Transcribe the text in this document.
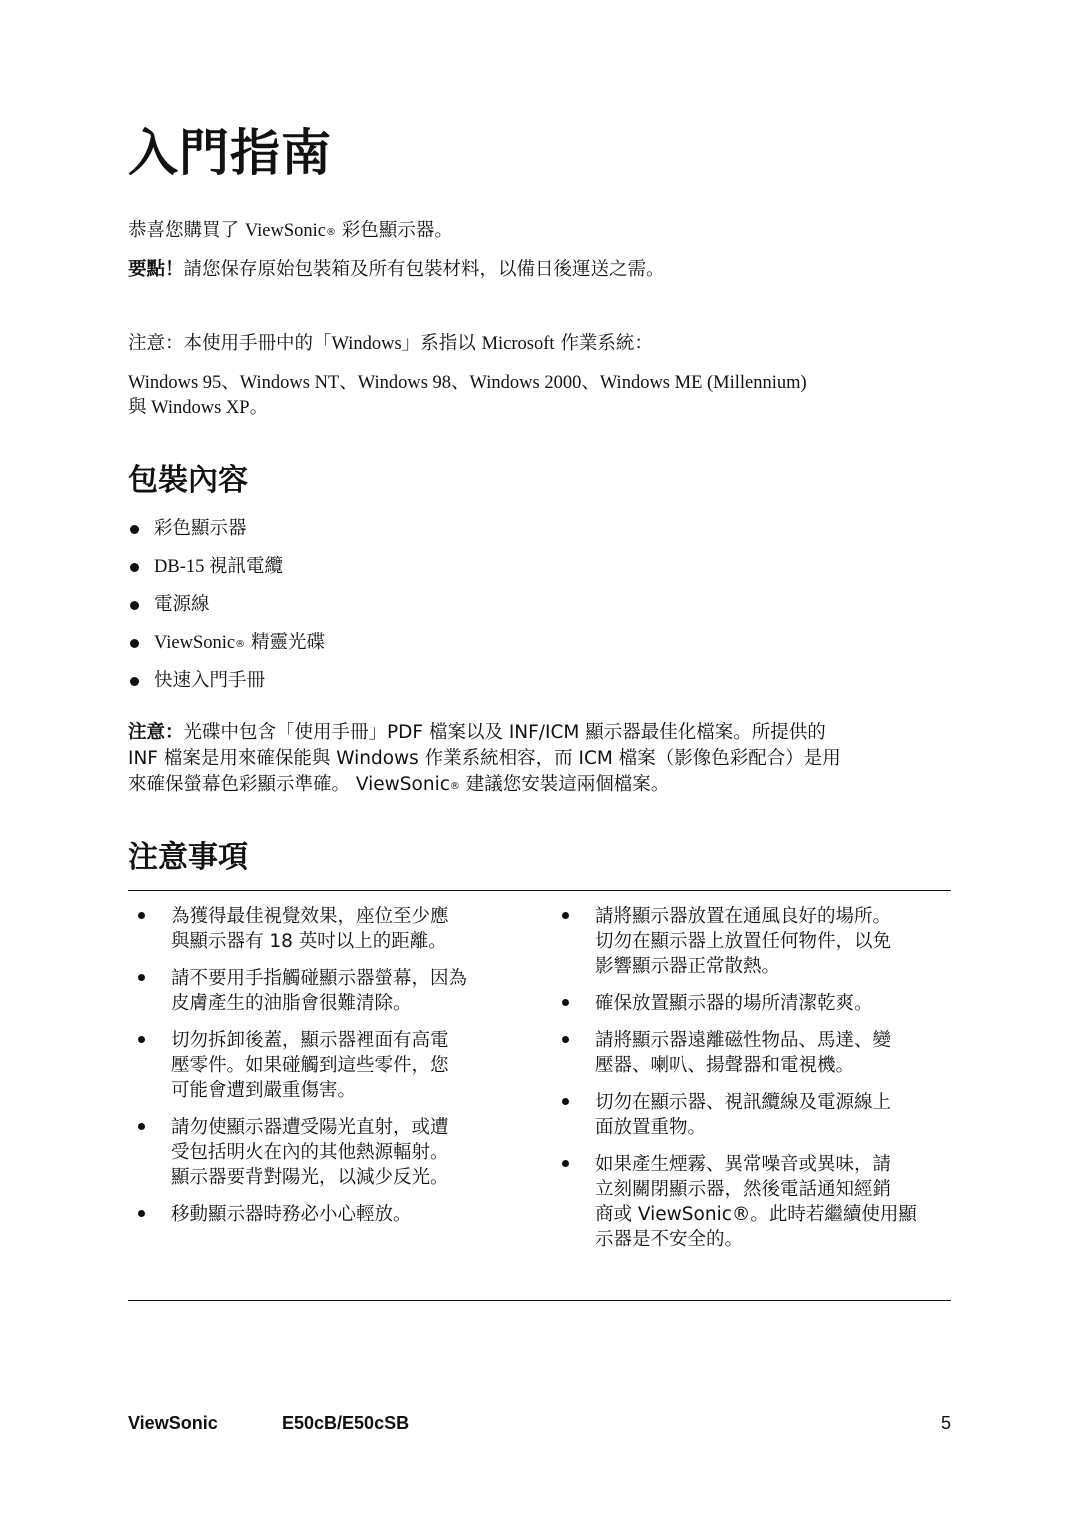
入門指南

恭喜您購買了 ViewSonic® 彩色顯示器。

要點！請您保存原始包裝箱及所有包裝材料，以備日後運送之需。

注意：本使用手冊中的「Windows」系指以 Microsoft 作業系統：

Windows 95、Windows NT、Windows 98、Windows 2000、Windows ME (Millennium)

與 Windows XP。

包裝內容
彩色顯示器
DB-15 視訊電纜
電源線
ViewSonic® 精靈光碟
快速入門手冊

注意：光碟中包含「使用手冊」PDF 檔案以及 INF/ICM 顯示器最佳化檔案。所提供的

INF 檔案是用來確保能與 Windows 作業系統相容，而 ICM 檔案（影像色彩配合）是用

來確保螢幕色彩顯示準確。 ViewSonic® 建議您安裝這兩個檔案。

注意事項
為獲得最佳視覺效果，座位至少應
與顯示器有 18 英吋以上的距離。
請不要用手指觸碰顯示器螢幕，因為
皮膚產生的油脂會很難清除。
切勿拆卸後蓋，顯示器裡面有高電
壓零件。如果碰觸到這些零件，您
可能會遭到嚴重傷害。
請勿使顯示器遭受陽光直射，或遭
受包括明火在內的其他熱源輻射。
顯示器要背對陽光，以減少反光。
移動顯示器時務必小心輕放。
請將顯示器放置在通風良好的場所。
切勿在顯示器上放置任何物件，以免
影響顯示器正常散熱。
確保放置顯示器的場所清潔乾爽。
請將顯示器遠離磁性物品、馬達、變
壓器、喇叭、揚聲器和電視機。
切勿在顯示器、視訊纜線及電源線上
面放置重物。
如果產生煙霧、異常噪音或異味，請
立刻關閉顯示器，然後電話通知經銷
商或 ViewSonic®。此時若繼續使用顯
示器是不安全的。
ViewSonic	E50cB/E50cSB	5
